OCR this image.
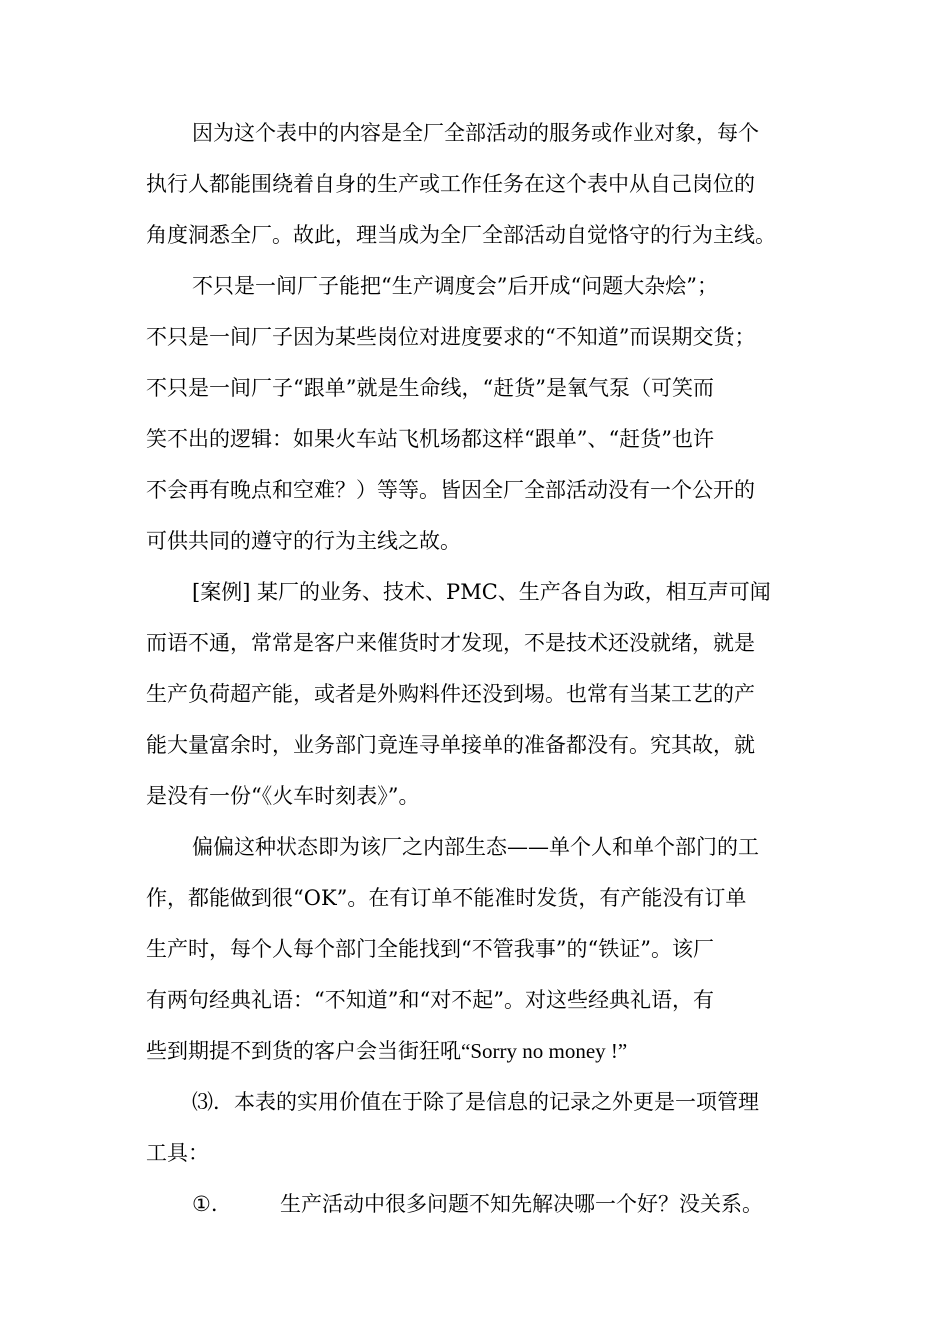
因为这个表中的内容是全厂全部活动的服务或作业对象，每个
执行人都能围绕着自身的生产或工作任务在这个表中从自己岗位的
角度洞悉全厂。故此，理当成为全厂全部活动自觉恪守的行为主线。
不只是一间厂子能把“生产调度会”后开成“问题大杂烩”；
不只是一间厂子因为某些岗位对进度要求的“不知道”而误期交货；
不只是一间厂子“跟单”就是生命线，“赶货”是氧气泵（可笑而
笑不出的逻辑：如果火车站飞机场都这样“跟单”、“赶货”也许
不会再有晚点和空难？）等等。皆因全厂全部活动没有一个公开的
可供共同的遵守的行为主线之故。
[案例] 某厂的业务、技术、PMC、生产各自为政，相互声可闻
而语不通，常常是客户来催货时才发现，不是技术还没就绪，就是
生产负荷超产能，或者是外购料件还没到埸。也常有当某工艺的产
能大量富余时，业务部门竟连寻单接单的准备都没有。究其故，就
是没有一份“《火车时刻表》”。
偏偏这种状态即为该厂之内部生态——单个人和单个部门的工
作，都能做到很“OK”。在有订单不能准时发货，有产能没有订单
生产时，每个人每个部门全能找到“不管我事”的“铁证”。该厂
有两句经典礼语：“不知道”和“对不起”。对这些经典礼语，有
些到期提不到货的客户会当街狂吼“Sorry no money !”
⑶．本表的实用价值在于除了是信息的记录之外更是一项管理
工具：
①.	生产活动中很多问题不知先解决哪一个好？没关系。
